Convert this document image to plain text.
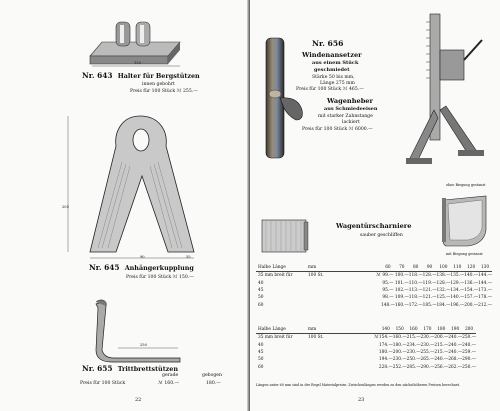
120
Nr. 643 Halter für Bergstützen
innen gebohrt
Preis für 100 Stück ℳ 255.—
205
90	55
Nr. 645 Anhängerkupplung
Preis für 100 Stück ℳ 150.—
250
Nr. 655 Trittbrettstützen
gerade	gebogen
Preis für 100 Stück	ℳ 160.—	180.—
22
Nr. 656
Windenansetzer
aus einem Stück
geschmiedet
Stärke 50 bis mm,
Länge 275 mm
Preis für 100 Stück ℳ 465.—
Wagenheber
aus Schmiedeeisen
mit starker Zahnstange
lackiert
Preis für 100 Stück ℳ 6000.—
ohne Biegung gestanzt
mit Biegung gestanzt
Wagentürscharniere
sauber geschliffen
Halbe Länge	mm		60	70	80	90	100	110	120	130
35 mm breit für	100 St.	ℳ	99.—	100.—	118.—	128.—	138.—	135.—	140.—	144.—
40			95.—	101.—	110.—	119.—	128.—	129.—	136.—	144.—
45			95.—	102.—	113.—	121.—	132.—	134.—	154.—	173.—
50			98.—	109.—	118.—	121.—	125.—	140.—	157.—	178.—
60			148.—	160.—	172.—	185.—	184.—	196.—	200.—	212.—
Halbe Länge	mm		140	150	160	170	180	190	200
35 mm breit für	100 St.	ℳ	154.—	160.—	215.—	230.—	200.—	240.—	250.—
40			174.—	180.—	234.—	230.—	215.—	240.—	240.—
45			180.—	200.—	230.—	255.—	215.—	240.—	259.—
50			194.—	230.—	250.—	265.—	240.—	268.—	290.—
60			228.—	252.—	285.—	290.—	256.—	262.—	250.—
Längen unter 60 mm sind in der Regel Materialpreise. Zwischenlängen werden zu den nächsthöheren Preisen berechnet.
23
